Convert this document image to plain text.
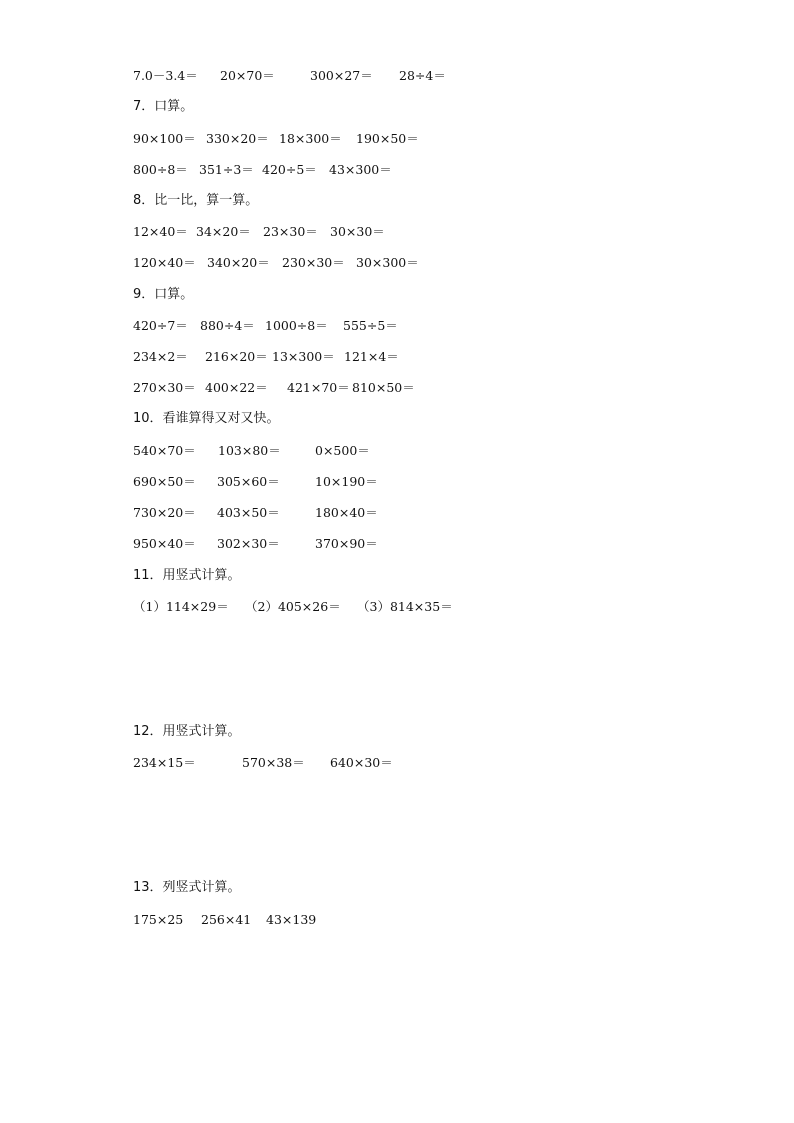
7.0－3.4＝ 20×70＝	300×27＝ 28÷4＝
7．口算。
90×100＝ 330×20＝ 18×300＝ 190×50＝
800÷8＝ 351÷3＝ 420÷5＝ 43×300＝
8．比一比，算一算。
12×40＝ 34×20＝ 23×30＝ 30×30＝
120×40＝ 340×20＝ 230×30＝ 30×300＝
9．口算。
420÷7＝ 880÷4＝ 1000÷8＝ 555÷5＝
234×2＝ 216×20＝ 13×300＝ 121×4＝
270×30＝ 400×22＝ 421×70＝ 810×50＝
10．看谁算得又对又快。
540×70＝ 103×80＝	0×500＝
690×50＝ 305×60＝	10×190＝
730×20＝ 403×50＝	180×40＝
950×40＝ 302×30＝	370×90＝
11．用竖式计算。
（1）114×29＝ （2）405×26＝ （3）814×35＝
12．用竖式计算。
234×15＝	570×38＝ 640×30＝
13．列竖式计算。
175×25 256×41 43×139
